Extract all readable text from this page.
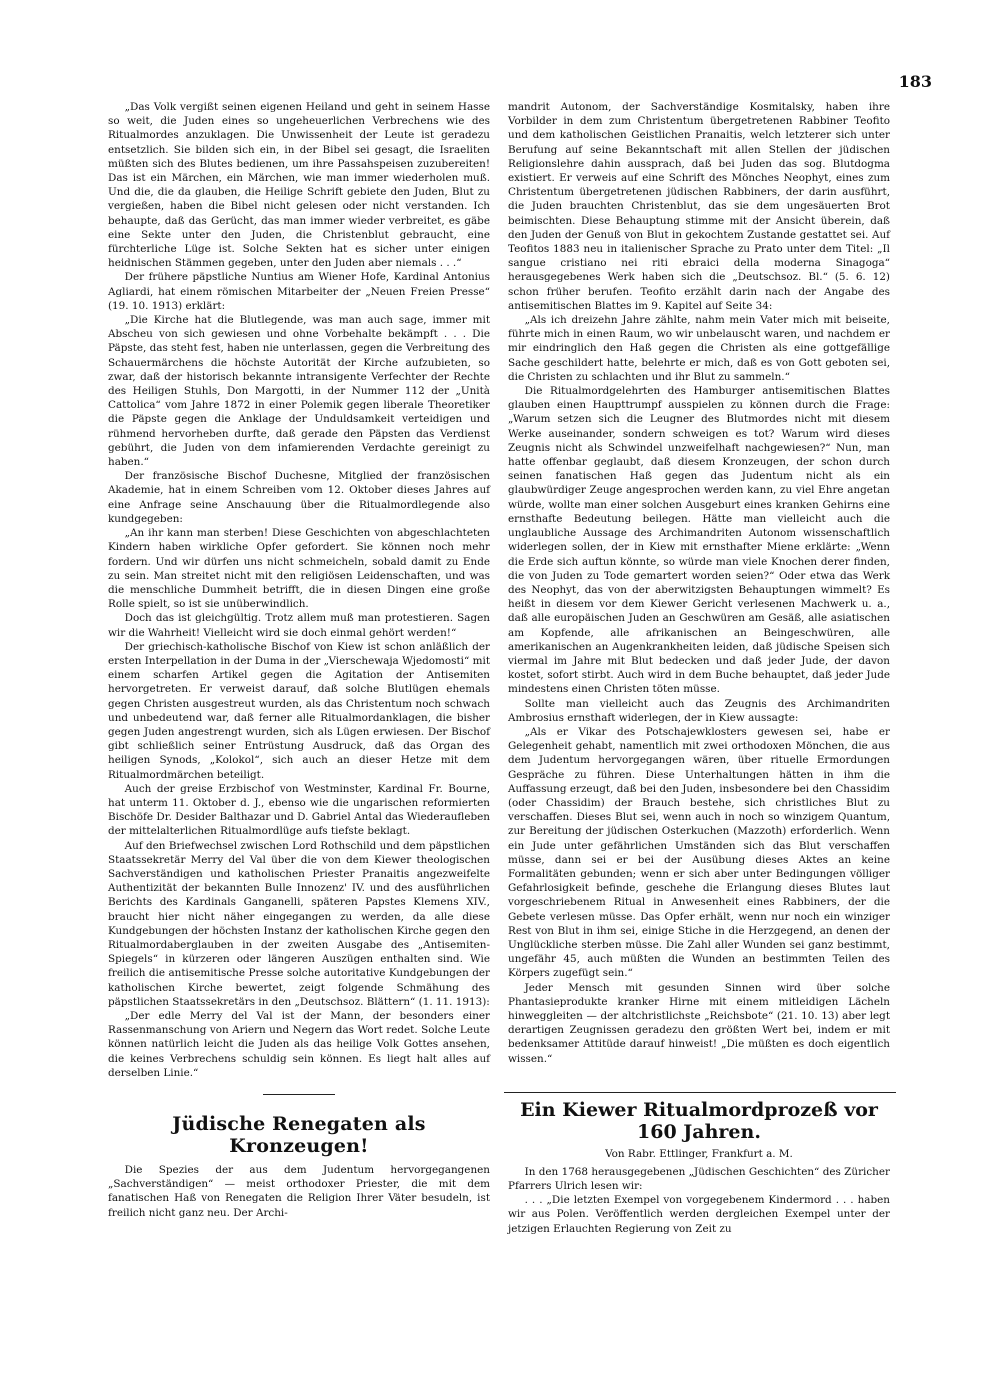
183

„Das Volk vergißt seinen eigenen Heiland und geht in seinem Hasse so weit, die Juden eines so ungeheuerlichen Verbrechens wie des Ritualmordes anzuklagen. Die Unwissenheit der Leute ist geradezu entsetzlich. Sie bilden sich ein, in der Bibel sei gesagt, die Israeliten müßten sich des Blutes bedienen, um ihre Passahspeisen zuzubereiten! Das ist ein Märchen, ein Märchen, wie man immer wiederholen muß. Und die, die da glauben, die Heilige Schrift gebiete den Juden, Blut zu vergießen, haben die Bibel nicht gelesen oder nicht verstanden. Ich behaupte, daß das Gerücht, das man immer wieder verbreitet, es gäbe eine Sekte unter den Juden, die Christenblut gebraucht, eine fürchterliche Lüge ist. Solche Sekten hat es sicher unter einigen heidnischen Stämmen gegeben, unter den Juden aber niemals . . .“

Der frühere päpstliche Nuntius am Wiener Hofe, Kardinal Antonius Agliardi, hat einem römischen Mitarbeiter der „Neuen Freien Presse“ (19. 10. 1913) erklärt:

„Die Kirche hat die Blutlegende, was man auch sage, immer mit Abscheu von sich gewiesen und ohne Vorbehalte bekämpft . . . Die Päpste, das steht fest, haben nie unterlassen, gegen die Verbreitung des Schauermärchens die höchste Autorität der Kirche aufzubieten, so zwar, daß der historisch bekannte intransigente Verfechter der Rechte des Heiligen Stuhls, Don Margotti, in der Nummer 112 der „Unità Cattolica“ vom Jahre 1872 in einer Polemik gegen liberale Theoretiker die Päpste gegen die Anklage der Unduldsamkeit verteidigen und rühmend hervorheben durfte, daß gerade den Päpsten das Verdienst gebührt, die Juden von dem infamierenden Verdachte gereinigt zu haben.“

Der französische Bischof Duchesne, Mitglied der französischen Akademie, hat in einem Schreiben vom 12. Oktober dieses Jahres auf eine Anfrage seine Anschauung über die Ritualmordlegende also kundgegeben:

„An ihr kann man sterben! Diese Geschichten von abgeschlachteten Kindern haben wirkliche Opfer gefordert. Sie können noch mehr fordern. Und wir dürfen uns nicht schmeicheln, sobald damit zu Ende zu sein. Man streitet nicht mit den religiösen Leidenschaften, und was die menschliche Dummheit betrifft, die in diesen Dingen eine große Rolle spielt, so ist sie unüberwindlich.

Doch das ist gleichgültig. Trotz allem muß man protestieren. Sagen wir die Wahrheit! Vielleicht wird sie doch einmal gehört werden!“

Der griechisch-katholische Bischof von Kiew ist schon anläßlich der ersten Interpellation in der Duma in der „Vierschewaja Wjedomosti“ mit einem scharfen Artikel gegen die Agitation der Antisemiten hervorgetreten. Er verweist darauf, daß solche Blutlügen ehemals gegen Christen ausgestreut wurden, als das Christentum noch schwach und unbedeutend war, daß ferner alle Ritualmordanklagen, die bisher gegen Juden angestrengt wurden, sich als Lügen erwiesen. Der Bischof gibt schließlich seiner Entrüstung Ausdruck, daß das Organ des heiligen Synods, „Kolokol“, sich auch an dieser Hetze mit dem Ritualmordmärchen beteiligt.

Auch der greise Erzbischof von Westminster, Kardinal Fr. Bourne, hat unterm 11. Oktober d. J., ebenso wie die ungarischen reformierten Bischöfe Dr. Desider Balthazar und D. Gabriel Antal das Wiederaufleben der mittelalterlichen Ritualmordlüge aufs tiefste beklagt.

Auf den Briefwechsel zwischen Lord Rothschild und dem päpstlichen Staatssekretär Merry del Val über die von dem Kiewer theologischen Sachverständigen und katholischen Priester Pranaitis angezweifelte Authentizität der bekannten Bulle Innozenz' IV. und des ausführlichen Berichts des Kardinals Ganganelli, späteren Papstes Klemens XIV., braucht hier nicht näher eingegangen zu werden, da alle diese Kundgebungen der höchsten Instanz der katholischen Kirche gegen den Ritualmordaberglauben in der zweiten Ausgabe des „Antisemiten-Spiegels“ in kürzeren oder längeren Auszügen enthalten sind. Wie freilich die antisemitische Presse solche autoritative Kundgebungen der katholischen Kirche bewertet, zeigt folgende Schmähung des päpstlichen Staatssekretärs in den „Deutschsoz. Blättern“ (1. 11. 1913):

„Der edle Merry del Val ist der Mann, der besonders einer Rassenmanschung von Ariern und Negern das Wort redet. Solche Leute können natürlich leicht die Juden als das heilige Volk Gottes ansehen, die keines Verbrechens schuldig sein können. Es liegt halt alles auf derselben Linie.“

Jüdische Renegaten als Kronzeugen!

Die Spezies der aus dem Judentum hervorgegangenen „Sachverständigen“ — meist orthodoxer Priester, die mit dem fanatischen Haß von Renegaten die Religion Ihrer Väter besudeln, ist freilich nicht ganz neu. Der Archi-

mandrit Autonom, der Sachverständige Kosmitalsky, haben ihre Vorbilder in dem zum Christentum übergetretenen Rabbiner Teofito und dem katholischen Geistlichen Pranaitis, welch letzterer sich unter Berufung auf seine Bekanntschaft mit allen Stellen der jüdischen Religionslehre dahin aussprach, daß bei Juden das sog. Blutdogma existiert. Er verweis auf eine Schrift des Mönches Neophyt, eines zum Christentum übergetretenen jüdischen Rabbiners, der darin ausführt, die Juden brauchten Christenblut, das sie dem ungesäuerten Brot beimischten. Diese Behauptung stimme mit der Ansicht überein, daß den Juden der Genuß von Blut in gekochtem Zustande gestattet sei. Auf Teofitos 1883 neu in italienischer Sprache zu Prato unter dem Titel: „Il sangue cristiano nei riti ebraici della moderna Sinagoga“ herausgegebenes Werk haben sich die „Deutschsoz. Bl.“ (5. 6. 12) schon früher berufen. Teofito erzählt darin nach der Angabe des antisemitischen Blattes im 9. Kapitel auf Seite 34:

„Als ich dreizehn Jahre zählte, nahm mein Vater mich mit beiseite, führte mich in einen Raum, wo wir unbelauscht waren, und nachdem er mir eindringlich den Haß gegen die Christen als eine gottgefällige Sache geschildert hatte, belehrte er mich, daß es von Gott geboten sei, die Christen zu schlachten und ihr Blut zu sammeln.“

Die Ritualmordgelehrten des Hamburger antisemitischen Blattes glauben einen Haupttrumpf ausspielen zu können durch die Frage: „Warum setzen sich die Leugner des Blutmordes nicht mit diesem Werke auseinander, sondern schweigen es tot? Warum wird dieses Zeugnis nicht als Schwindel unzweifelhaft nachgewiesen?“ Nun, man hatte offenbar geglaubt, daß diesem Kronzeugen, der schon durch seinen fanatischen Haß gegen das Judentum nicht als ein glaubwürdiger Zeuge angesprochen werden kann, zu viel Ehre angetan würde, wollte man einer solchen Ausgeburt eines kranken Gehirns eine ernsthafte Bedeutung beilegen. Hätte man vielleicht auch die unglaubliche Aussage des Archimandriten Autonom wissenschaftlich widerlegen sollen, der in Kiew mit ernsthafter Miene erklärte: „Wenn die Erde sich auftun könnte, so würde man viele Knochen derer finden, die von Juden zu Tode gemartert worden seien?“ Oder etwa das Werk des Neophyt, das von der aberwitzigsten Behauptungen wimmelt? Es heißt in diesem vor dem Kiewer Gericht verlesenen Machwerk u. a., daß alle europäischen Juden an Geschwüren am Gesäß, alle asiatischen am Kopfende, alle afrikanischen an Beingeschwüren, alle amerikanischen an Augenkrankheiten leiden, daß jüdische Speisen sich viermal im Jahre mit Blut bedecken und daß jeder Jude, der davon kostet, sofort stirbt. Auch wird in dem Buche behauptet, daß jeder Jude mindestens einen Christen töten müsse.

Sollte man vielleicht auch das Zeugnis des Archimandriten Ambrosius ernsthaft widerlegen, der in Kiew aussagte:

„Als er Vikar des Potschajewklosters gewesen sei, habe er Gelegenheit gehabt, namentlich mit zwei orthodoxen Mönchen, die aus dem Judentum hervorgegangen wären, über rituelle Ermordungen Gespräche zu führen. Diese Unterhaltungen hätten in ihm die Auffassung erzeugt, daß bei den Juden, insbesondere bei den Chassidim (oder Chassidim) der Brauch bestehe, sich christliches Blut zu verschaffen. Dieses Blut sei, wenn auch in noch so winzigem Quantum, zur Bereitung der jüdischen Osterkuchen (Mazzoth) erforderlich. Wenn ein Jude unter gefährlichen Umständen sich das Blut verschaffen müsse, dann sei er bei der Ausübung dieses Aktes an keine Formalitäten gebunden; wenn er sich aber unter Bedingungen völliger Gefahrlosigkeit befinde, geschehe die Erlangung dieses Blutes laut vorgeschriebenem Ritual in Anwesenheit eines Rabbiners, der die Gebete verlesen müsse. Das Opfer erhält, wenn nur noch ein winziger Rest von Blut in ihm sei, einige Stiche in die Herzgegend, an denen der Unglückliche sterben müsse. Die Zahl aller Wunden sei ganz bestimmt, ungefähr 45, auch müßten die Wunden an bestimmten Teilen des Körpers zugefügt sein.“

Jeder Mensch mit gesunden Sinnen wird über solche Phantasieprodukte kranker Hirne mit einem mitleidigen Lächeln hinweggleiten — der altchristlichste „Reichsbote“ (21. 10. 13) aber legt derartigen Zeugnissen geradezu den größten Wert bei, indem er mit bedenksamer Attitüde darauf hinweist! „Die müßten es doch eigentlich wissen.“

Ein Kiewer Ritualmordprozeß vor 160 Jahren.
Von Rabr. Ettlinger, Frankfurt a. M.

In den 1768 herausgegebenen „Jüdischen Geschichten“ des Züricher Pfarrers Ulrich lesen wir:

. . . „Die letzten Exempel von vorgegebenem Kindermord . . . haben wir aus Polen. Veröffentlich werden dergleichen Exempel unter der jetzigen Erlauchten Regierung von Zeit zu
